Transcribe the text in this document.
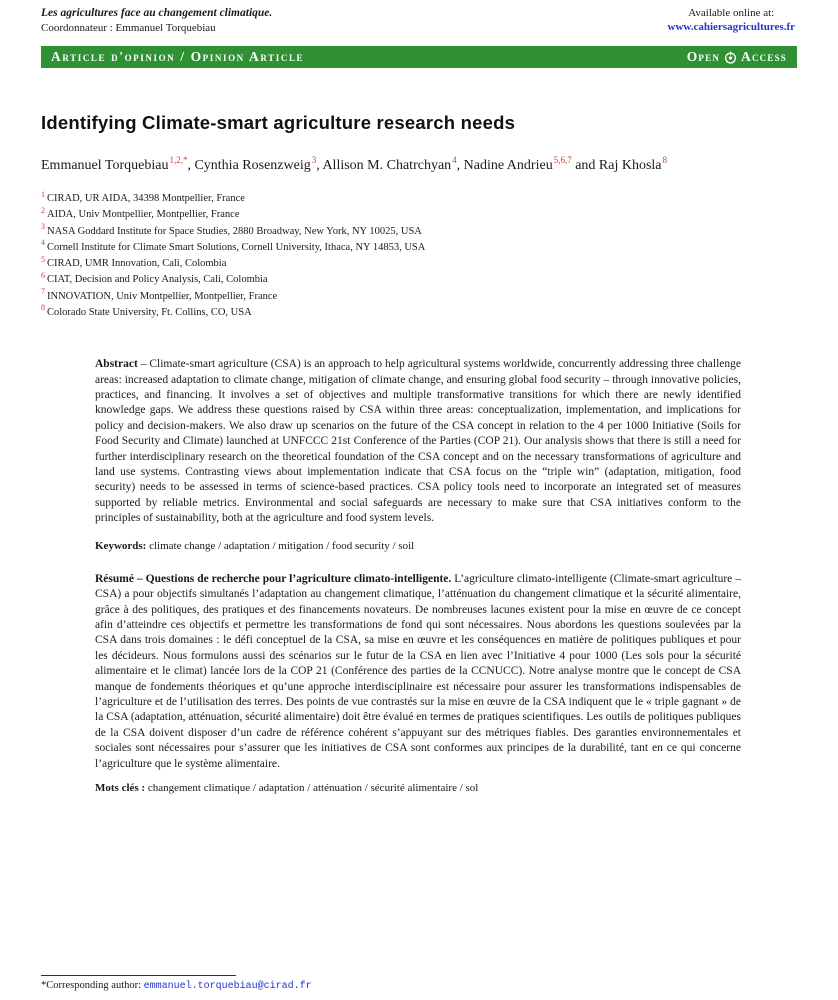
Les agricultures face au changement climatique.
Coordonnateur : Emmanuel Torquebiau
Available online at:
www.cahiersagricultures.fr
Article d'opinion / Opinion Article	Open Access
Identifying Climate-smart agriculture research needs

Emmanuel Torquebiau$^{1,2,*}$, Cynthia Rosenzweig$^3$, Allison M. Chatrchyan$^4$, Nadine Andrieu$^{5,6,7}$ and Raj Khosla$^8$

$^1$ CIRAD, UR AIDA, 34398 Montpellier, France
$^2$ AIDA, Univ Montpellier, Montpellier, France
$^3$ NASA Goddard Institute for Space Studies, 2880 Broadway, New York, NY 10025, USA
$^4$ Cornell Institute for Climate Smart Solutions, Cornell University, Ithaca, NY 14853, USA
$^5$ CIRAD, UMR Innovation, Cali, Colombia
$^6$ CIAT, Decision and Policy Analysis, Cali, Colombia
$^7$ INNOVATION, Univ Montpellier, Montpellier, France
$^8$ Colorado State University, Ft. Collins, CO, USA

Abstract – Climate-smart agriculture (CSA) is an approach to help agricultural systems worldwide, concurrently addressing three challenge areas: increased adaptation to climate change, mitigation of climate change, and ensuring global food security – through innovative policies, practices, and financing. It involves a set of objectives and multiple transformative transitions for which there are newly identified knowledge gaps. We address these questions raised by CSA within three areas: conceptualization, implementation, and implications for policy and decision-makers. We also draw up scenarios on the future of the CSA concept in relation to the 4 per 1000 Initiative (Soils for Food Security and Climate) launched at UNFCCC 21st Conference of the Parties (COP 21). Our analysis shows that there is still a need for further interdisciplinary research on the theoretical foundation of the CSA concept and on the necessary transformations of agriculture and land use systems. Contrasting views about implementation indicate that CSA focus on the “triple win” (adaptation, mitigation, food security) needs to be assessed in terms of science-based practices. CSA policy tools need to incorporate an integrated set of measures supported by reliable metrics. Environmental and social safeguards are necessary to make sure that CSA initiatives conform to the principles of sustainability, both at the agriculture and food system levels.

Keywords: climate change / adaptation / mitigation / food security / soil

Résumé – Questions de recherche pour l’agriculture climato-intelligente. L’agriculture climato-intelligente (Climate-smart agriculture – CSA) a pour objectifs simultanés l’adaptation au changement climatique, l’atténuation du changement climatique et la sécurité alimentaire, grâce à des politiques, des pratiques et des financements novateurs. De nombreuses lacunes existent pour la mise en œuvre de ce concept afin d’atteindre ces objectifs et permettre les transformations de fond qui sont nécessaires. Nous abordons les questions soulevées par la CSA dans trois domaines : le défi conceptuel de la CSA, sa mise en œuvre et les conséquences en matière de politiques publiques et pour les décideurs. Nous formulons aussi des scénarios sur le futur de la CSA en lien avec l’Initiative 4 pour 1000 (Les sols pour la sécurité alimentaire et le climat) lancée lors de la COP 21 (Conférence des parties de la CCNUCC). Notre analyse montre que le concept de CSA manque de fondements théoriques et qu’une approche interdisciplinaire est nécessaire pour assurer les transformations indispensables de l’agriculture et de l’utilisation des terres. Des points de vue contrastés sur la mise en œuvre de la CSA indiquent que le « triple gagnant » de la CSA (adaptation, atténuation, sécurité alimentaire) doit être évalué en termes de pratiques scientifiques. Les outils de politiques publiques de la CSA doivent disposer d’un cadre de référence cohérent s’appuyant sur des métriques fiables. Des garanties environnementales et sociales sont nécessaires pour s’assurer que les initiatives de CSA sont conformes aux principes de la durabilité, tant en ce qui concerne l’agriculture que le système alimentaire.

Mots clés : changement climatique / adaptation / atténuation / sécurité alimentaire / sol

*Corresponding author: emmanuel.torquebiau@cirad.fr
